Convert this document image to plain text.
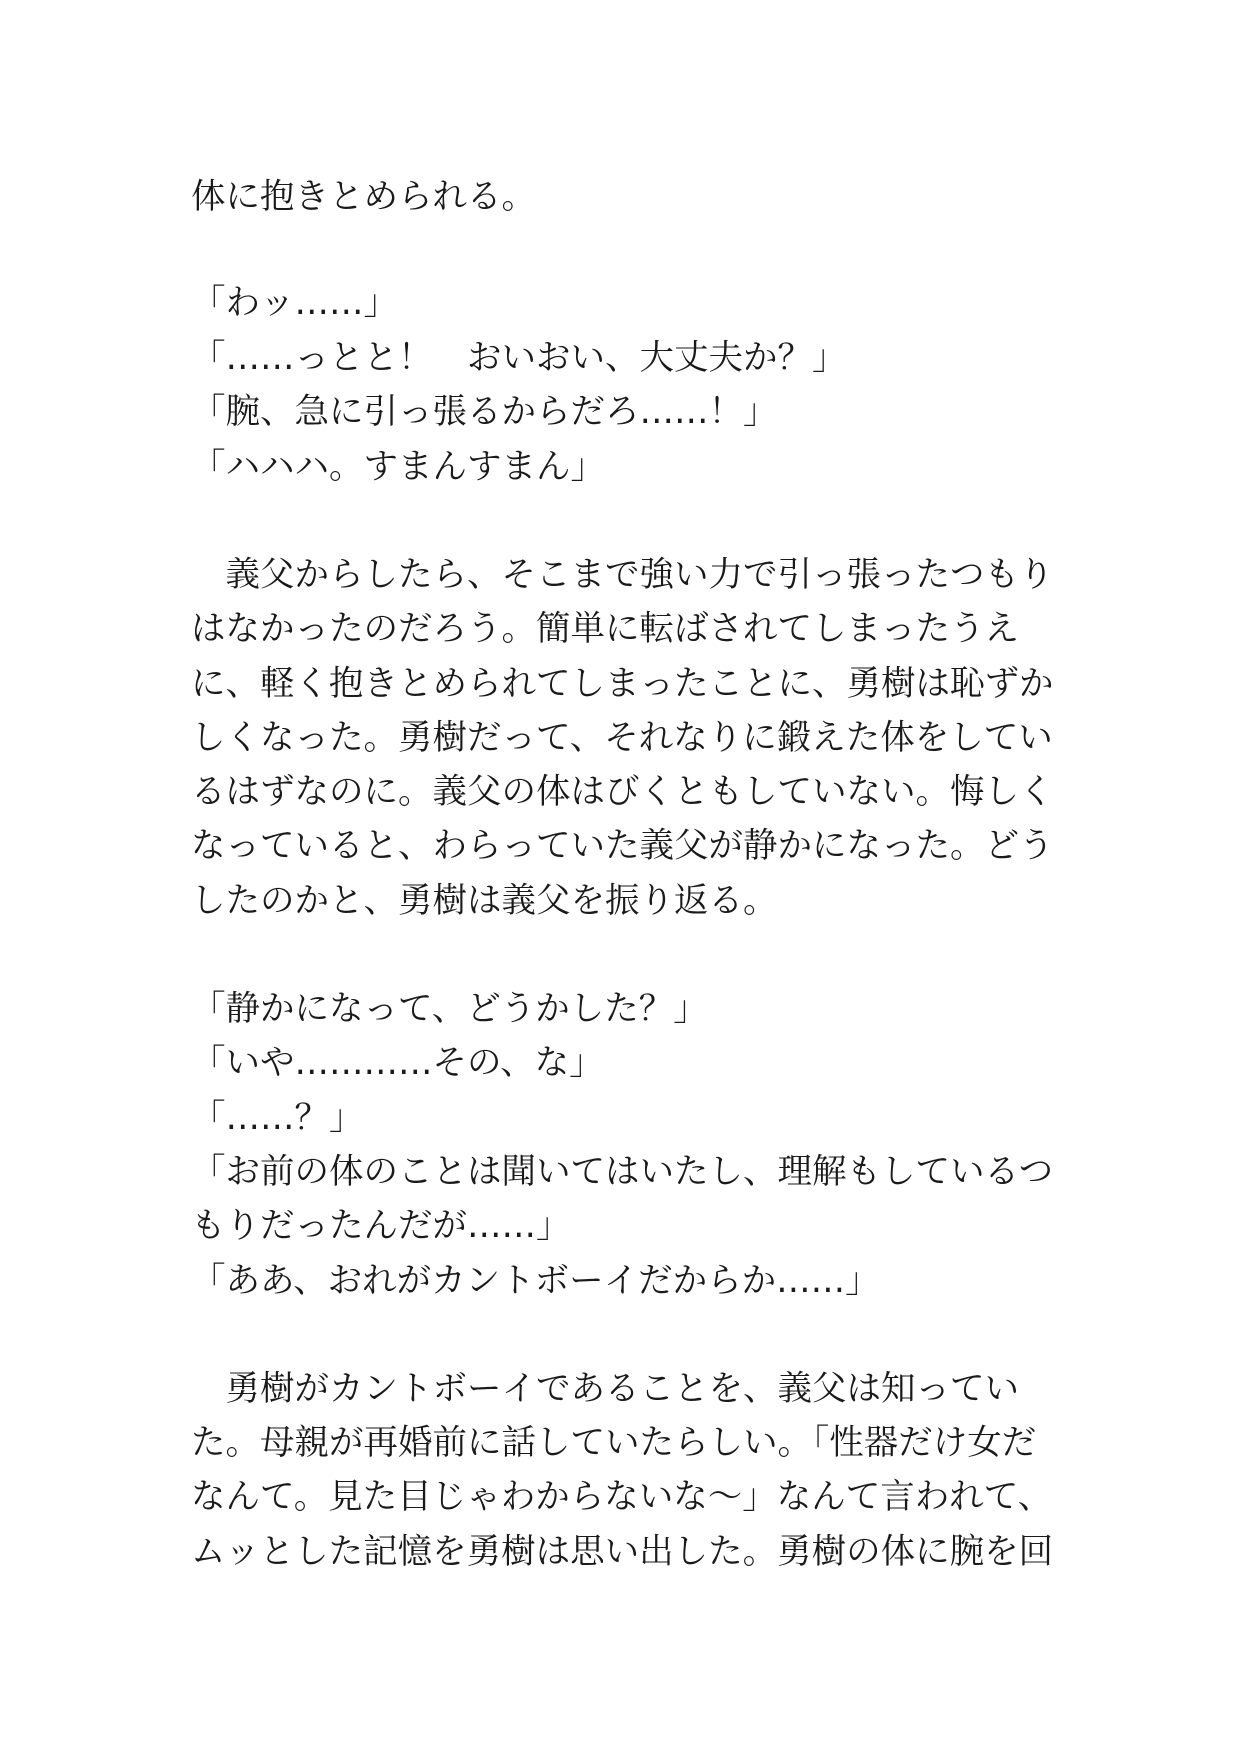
体に抱きとめられる。
「わッ……」
「……っとと！　おいおい、大丈夫か？」
「腕、急に引っ張るからだろ……！」
「ハハハ。すまんすまん」
　義父からしたら、そこまで強い力で引っ張ったつもり
はなかったのだろう。簡単に転ばされてしまったうえ
に、軽く抱きとめられてしまったことに、勇樹は恥ずか
しくなった。勇樹だって、それなりに鍛えた体をしてい
るはずなのに。義父の体はびくともしていない。悔しく
なっていると、わらっていた義父が静かになった。どう
したのかと、勇樹は義父を振り返る。
「静かになって、どうかした？」
「いや…………その、な」
「……？」
「お前の体のことは聞いてはいたし、理解もしているつ
もりだったんだが……」
「ああ、おれがカントボーイだからか……」
　勇樹がカントボーイであることを、義父は知ってい
た。母親が再婚前に話していたらしい。「性器だけ女だ
なんて。見た目じゃわからないな〜」なんて言われて、
ムッとした記憶を勇樹は思い出した。勇樹の体に腕を回
